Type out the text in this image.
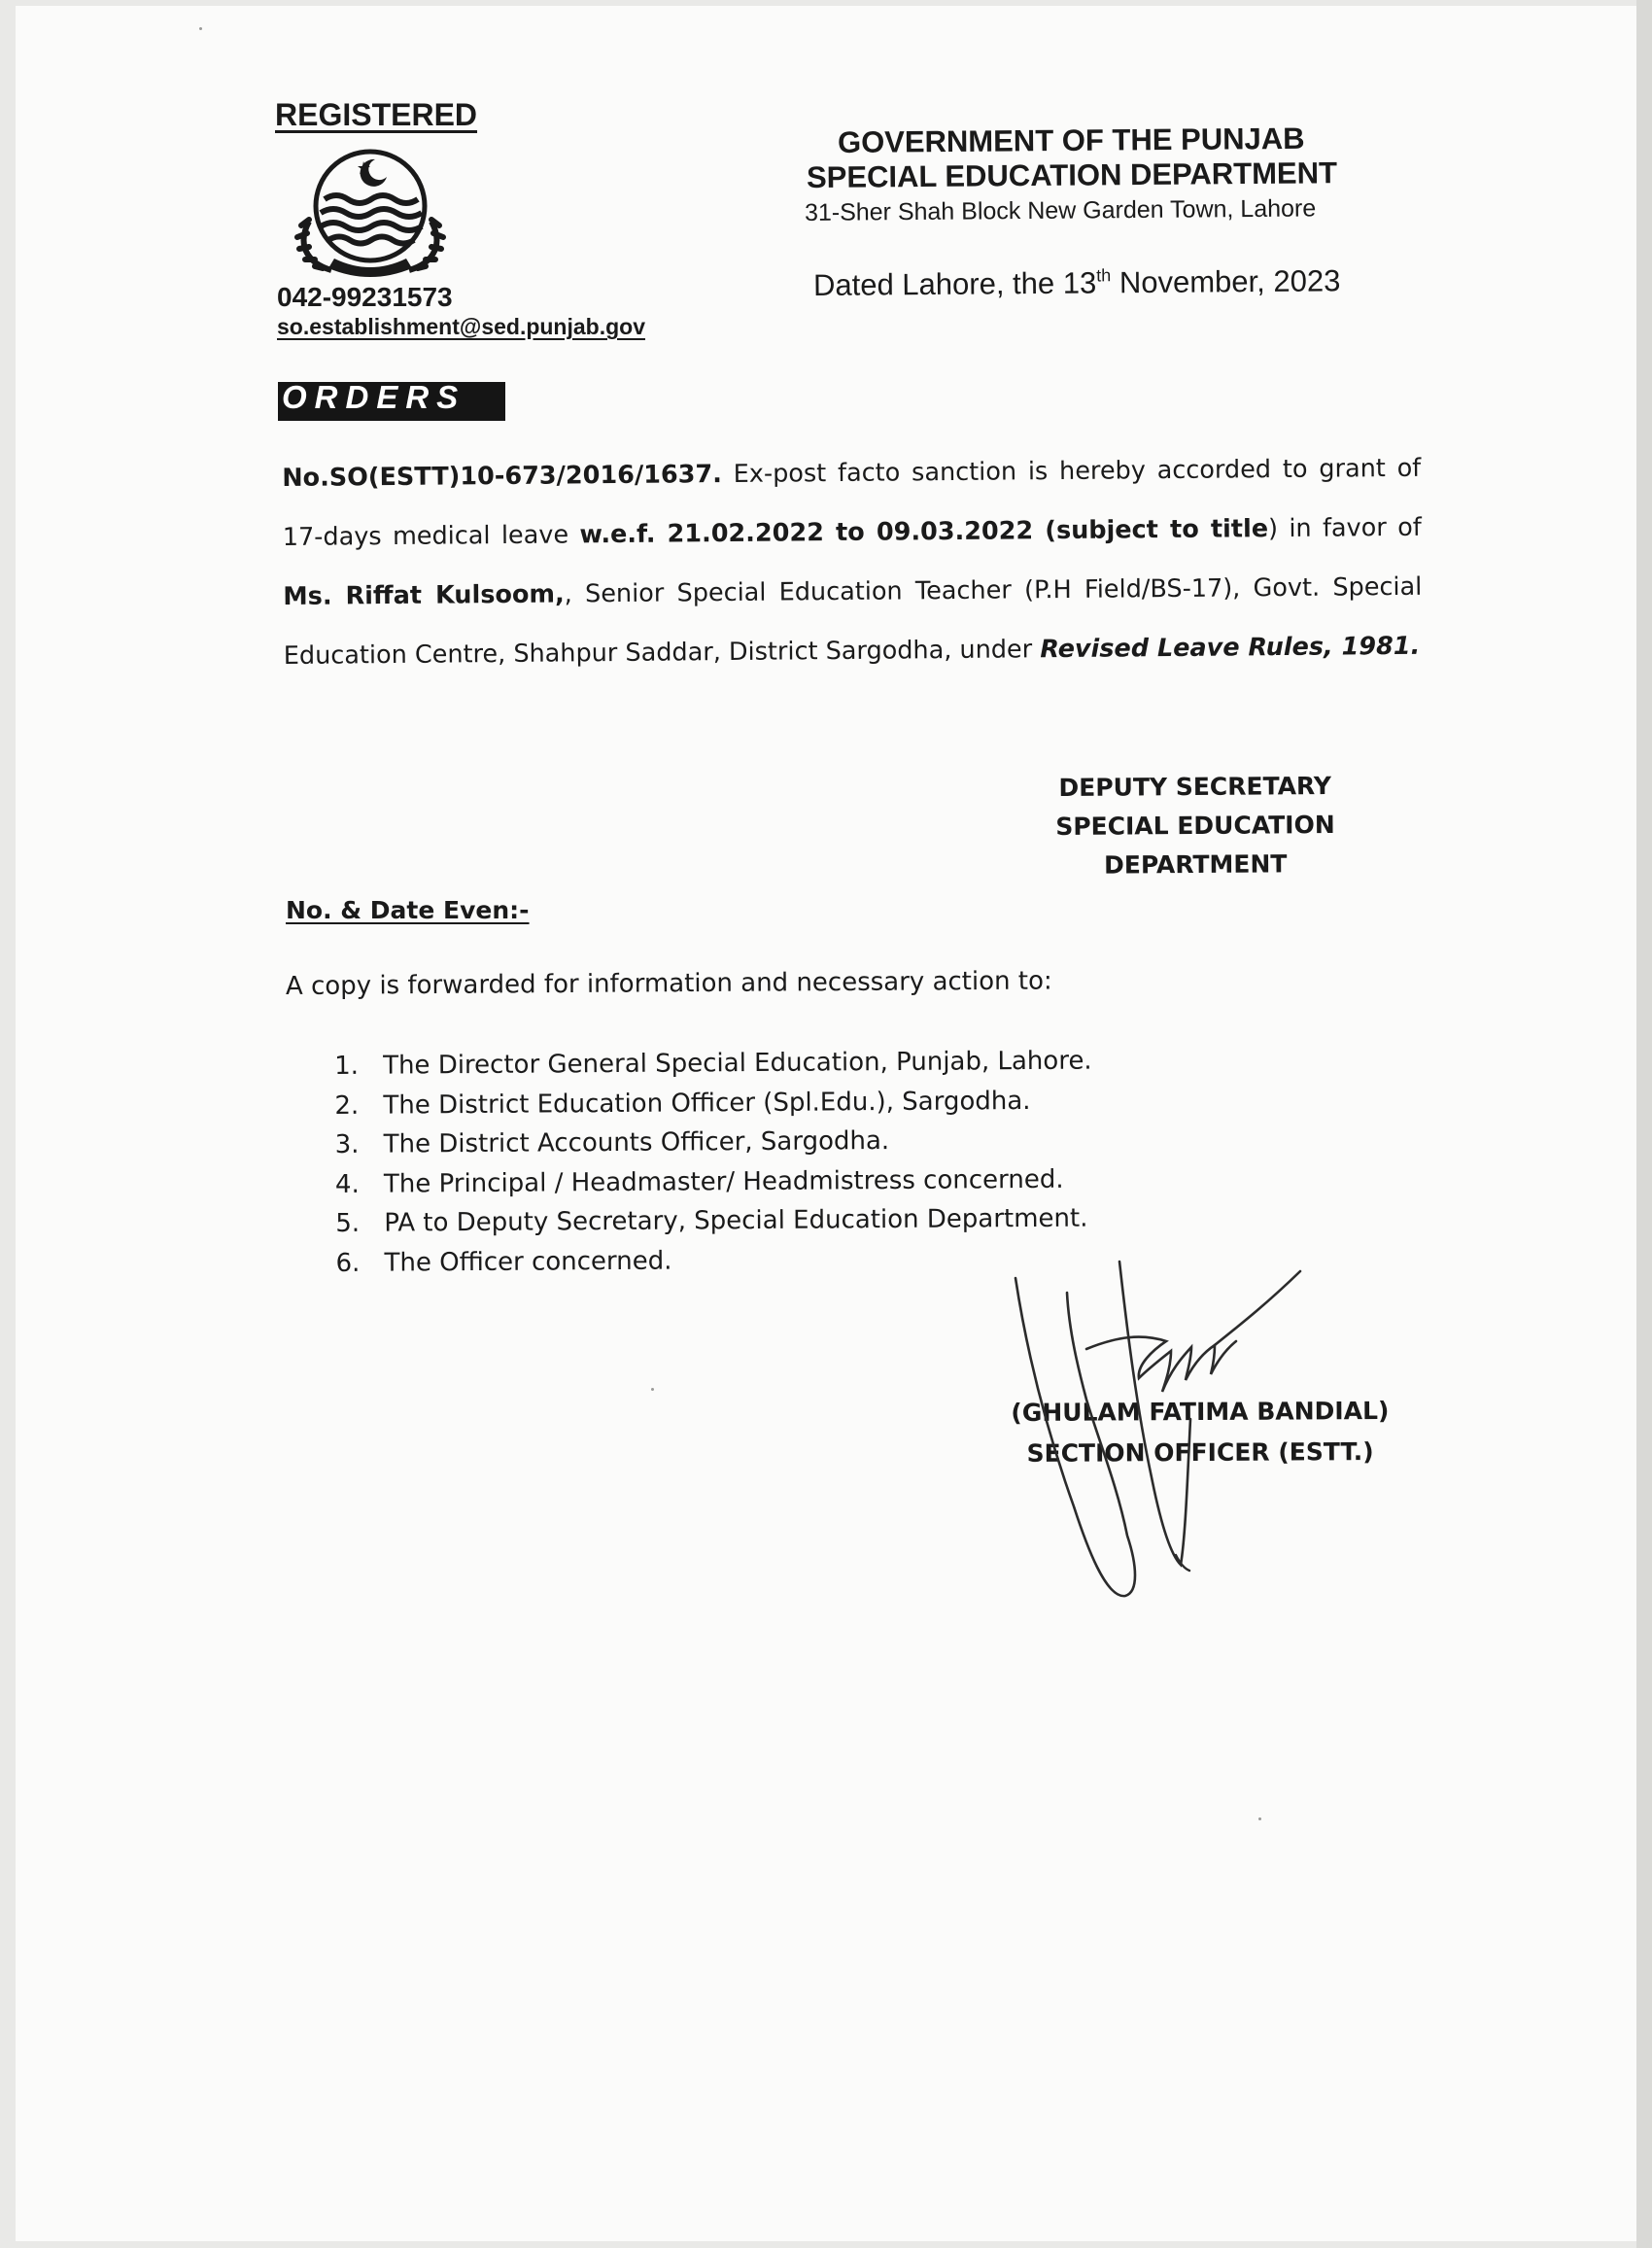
REGISTERED
042-99231573
so.establishment@sed.punjab.gov
GOVERNMENT OF THE PUNJAB
SPECIAL EDUCATION DEPARTMENT
31-Sher Shah Block New Garden Town, Lahore
Dated Lahore, the 13th November, 2023
ORDERS
No.SO(ESTT)10-673/2016/1637. Ex-post facto sanction is hereby accorded to grant of 17-days medical leave w.e.f. 21.02.2022 to 09.03.2022 (subject to title) in favor of Ms. Riffat Kulsoom,, Senior Special Education Teacher (P.H Field/BS-17), Govt. Special Education Centre, Shahpur Saddar, District Sargodha, under Revised Leave Rules, 1981.
DEPUTY SECRETARY
SPECIAL EDUCATION
DEPARTMENT
No. & Date Even:-
A copy is forwarded for information and necessary action to:
1. The Director General Special Education, Punjab, Lahore.
2. The District Education Officer (Spl.Edu.), Sargodha.
3. The District Accounts Officer, Sargodha.
4. The Principal / Headmaster/ Headmistress concerned.
5. PA to Deputy Secretary, Special Education Department.
6. The Officer concerned.
(GHULAM FATIMA BANDIAL)
SECTION OFFICER (ESTT.)
